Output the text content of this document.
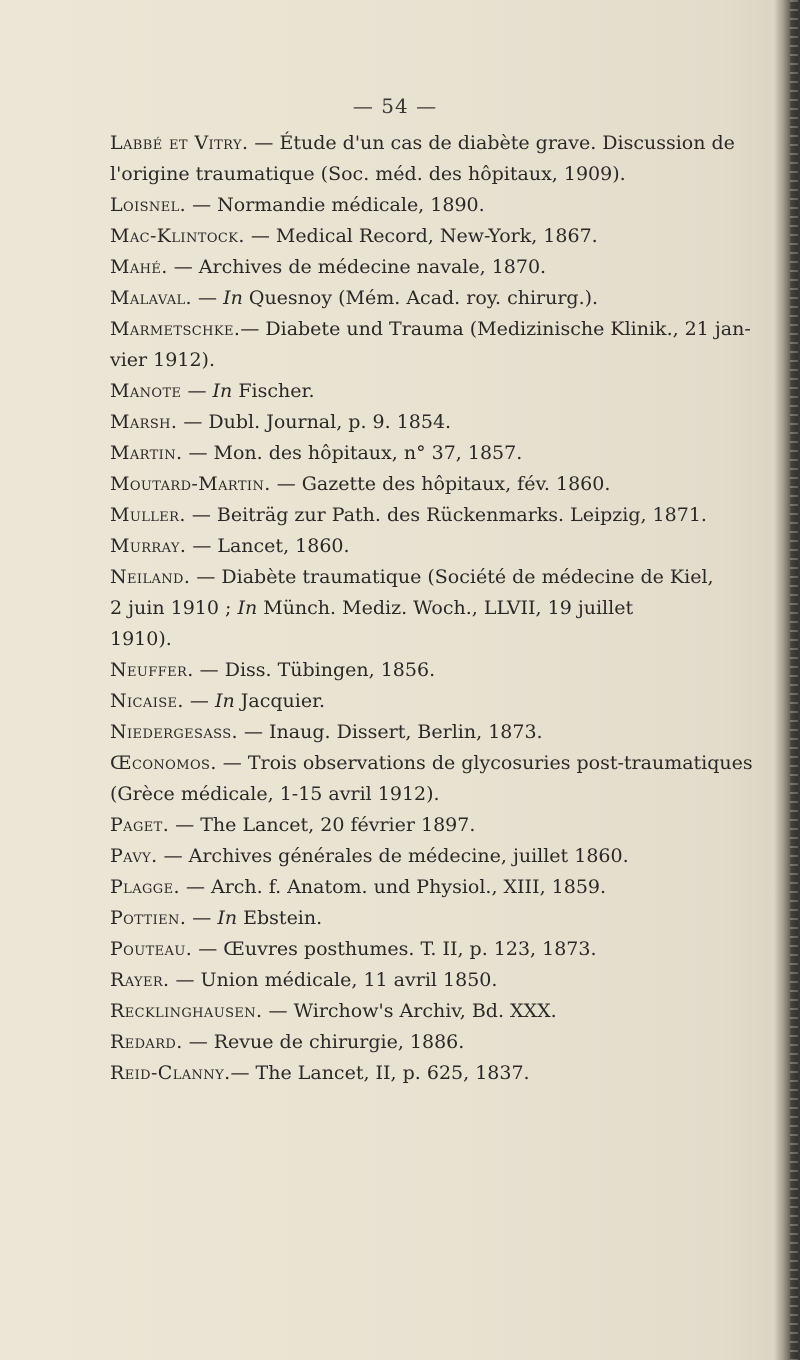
— 54 —
Labbé et Vitry. — Étude d'un cas de diabète grave. Discussion de
l'origine traumatique (Soc. méd. des hôpitaux, 1909).
Loisnel. — Normandie médicale, 1890.
Mac-Klintock. — Medical Record, New-York, 1867.
Mahé. — Archives de médecine navale, 1870.
Malaval. — In Quesnoy (Mém. Acad. roy. chirurg.).
Marmetschke.— Diabete und Trauma (Medizinische Klinik., 21 jan-
vier 1912).
Manote — In Fischer.
Marsh. — Dubl. Journal, p. 9. 1854.
Martin. — Mon. des hôpitaux, n° 37, 1857.
Moutard-Martin. — Gazette des hôpitaux, fév. 1860.
Muller. — Beiträg zur Path. des Rückenmarks. Leipzig, 1871.
Murray. — Lancet, 1860.
Neiland. — Diabète traumatique (Société de médecine de Kiel,
2 juin 1910 ; In Münch. Mediz. Woch., LLVII, 19 juillet
1910).
Neuffer. — Diss. Tübingen, 1856.
Nicaise. — In Jacquier.
Niedergesass. — Inaug. Dissert, Berlin, 1873.
Œconomos. — Trois observations de glycosuries post-traumatiques
(Grèce médicale, 1-15 avril 1912).
Paget. — The Lancet, 20 février 1897.
Pavy. — Archives générales de médecine, juillet 1860.
Plagge. — Arch. f. Anatom. und Physiol., XIII, 1859.
Pottien. — In Ebstein.
Pouteau. — Œuvres posthumes. T. II, p. 123, 1873.
Rayer. — Union médicale, 11 avril 1850.
Recklinghausen. — Wirchow's Archiv, Bd. XXX.
Redard. — Revue de chirurgie, 1886.
Reid-Clanny.— The Lancet, II, p. 625, 1837.
